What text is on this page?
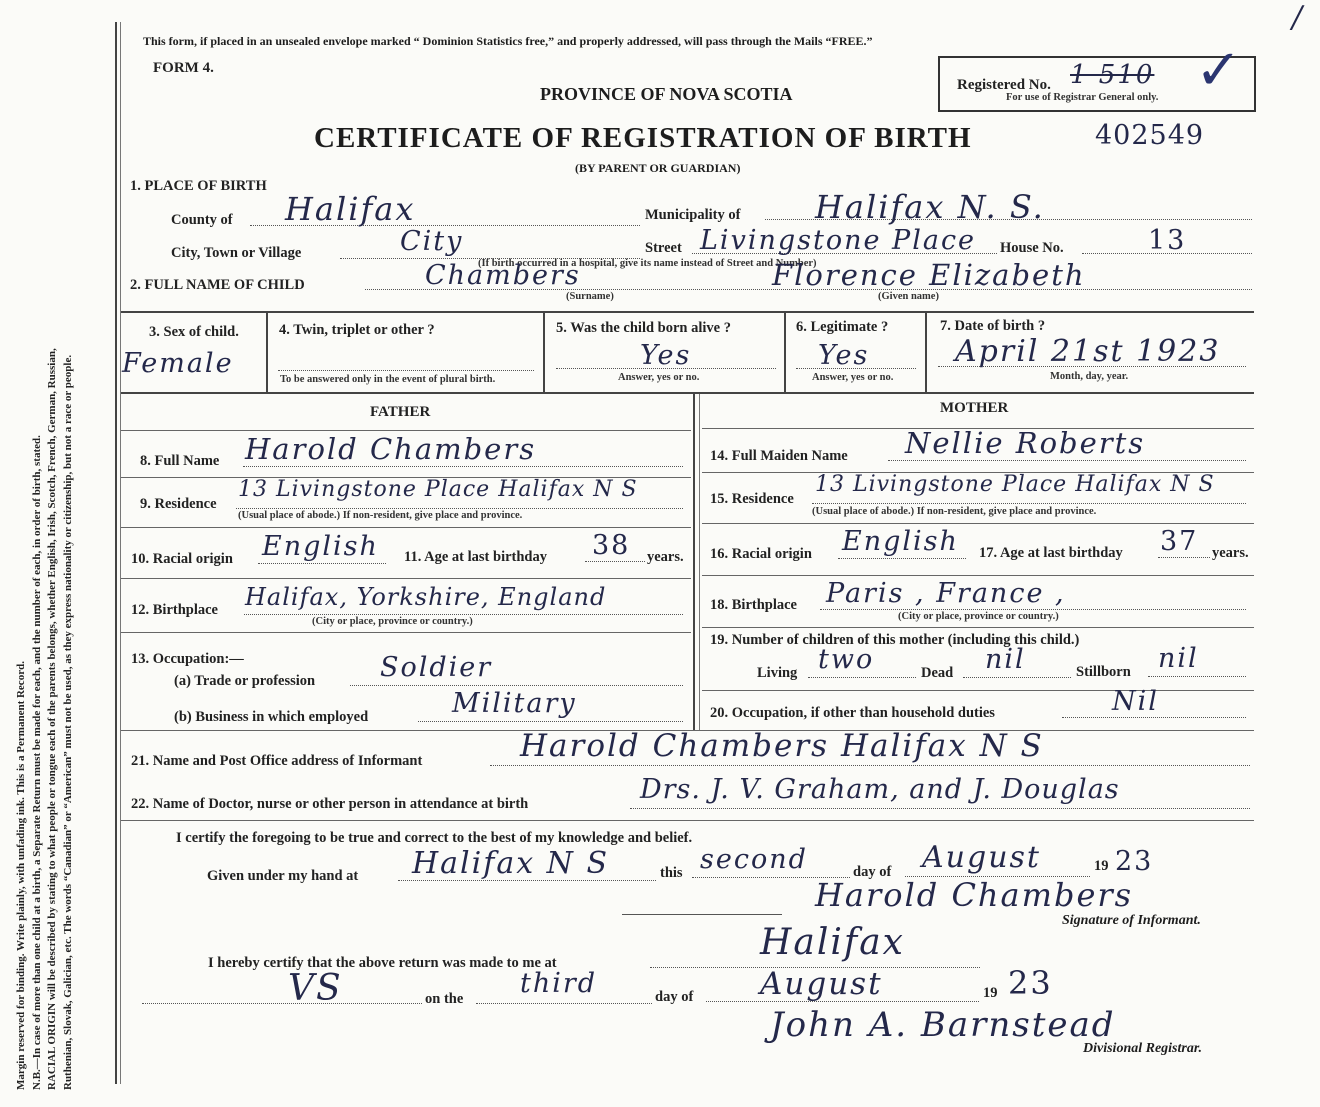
Margin reserved for binding. Write plainly, with unfading ink. This is a Permanent Record. N.B.—In case of more than one child at a birth, a Separate Return must be made for each, and the number of each, in order of birth, stated. RACIAL ORIGIN will be described by stating to what people or tongue each of the parents belongs, whether English, Irish, Scotch, French, German, Russian, Ruthenian, Slovak, Galician, etc. The words “Canadian” or “American” must not be used, as they express nationality or citizenship, but not a race or people.
/
This form, if placed in an unsealed envelope marked “ Dominion Statistics free,” and properly addressed, will pass through the Mails “FREE.”
FORM 4.
PROVINCE OF NOVA SCOTIA
CERTIFICATE OF REGISTRATION OF BIRTH	402549
(BY PARENT OR GUARDIAN)
Registered No. 1 510
For use of Registrar General only. ✓
1. PLACE OF BIRTH
County of Halifax	Municipality of Halifax N. S.
City, Town or Village	City	Street Livingstone Place House No.	13
(If birth occurred in a hospital, give its name instead of Street and Number)
2. FULL NAME OF CHILD	Chambers
(Surname)
Florence Elizabeth
(Given name)
3. Sex of child.
Female
4. Twin, triplet or other ?
To be answered only in the event of plural birth.
5. Was the child born alive ?
Yes
Answer, yes or no.
6. Legitimate ?
Yes
Answer, yes or no.
7. Date of birth ?
April 21st 1923
Month, day, year.
FATHER	MOTHER
8. Full Name Harold Chambers
9. Residence
13 Livingstone Place Halifax N S
(Usual place of abode.) If non-resident, give place and province.
10. Racial origin English 11. Age at last birthday 38 years.
12. Birthplace Halifax, Yorkshire, England
(City or place, province or country.)
13. Occupation:—
(a) Trade or profession Soldier
(b) Business in which employed	Military
14. Full Maiden Name Nellie Roberts
15. Residence
13 Livingstone Place Halifax N S
(Usual place of abode.) If non-resident, give place and province.
16. Racial origin English 17. Age at last birthday 37 years.
18. Birthplace Paris , France ,
(City or place, province or country.)
19. Number of children of this mother (including this child.)
Living two	Dead nil	Stillborn nil
20. Occupation, if other than household duties	Nil
21. Name and Post Office address of Informant	Harold Chambers Halifax N S
22. Name of Doctor, nurse or other person in attendance at birth	Drs. J. V. Graham, and J. Douglas
I certify the foregoing to be true and correct to the best of my knowledge and belief.
Given under my hand at Halifax N S	this second	day of August	19 23
Harold Chambers
Signature of Informant.
I hereby certify that the above return was made to me at	Halifax
VS	on the third	day of August	19 23
John A. Barnstead
Divisional Registrar.
